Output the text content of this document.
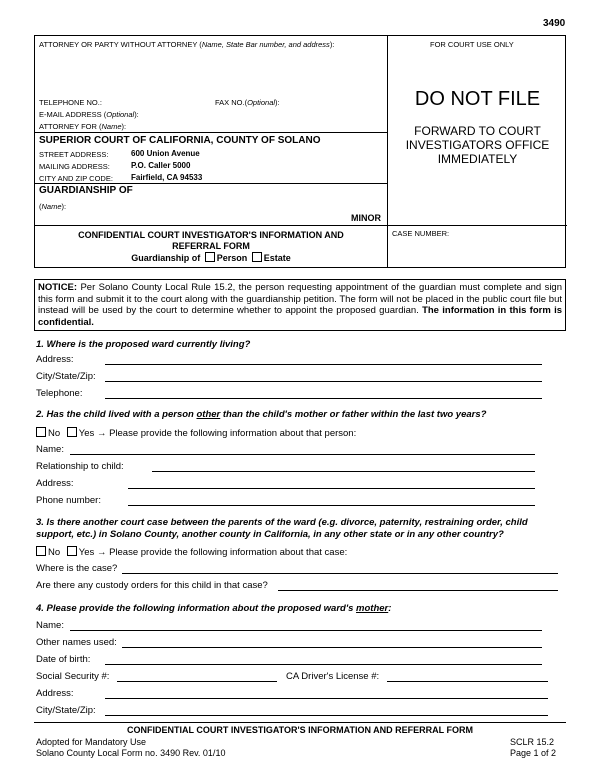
3490
ATTORNEY OR PARTY WITHOUT ATTORNEY (Name, State Bar number, and address):	FOR COURT USE ONLY
TELEPHONE NO.:	FAX NO.(Optional):
E-MAIL ADDRESS (Optional):
ATTORNEY FOR (Name):
DO NOT FILE
FORWARD TO COURT
INVESTIGATORS OFFICE
IMMEDIATELY
SUPERIOR COURT OF CALIFORNIA, COUNTY OF SOLANO
STREET ADDRESS:	600 Union Avenue
MAILING ADDRESS:	P.O. Caller 5000
CITY AND ZIP CODE: Fairfield, CA 94533
GUARDIANSHIP OF
(Name):
MINOR
CONFIDENTIAL COURT INVESTIGATOR'S INFORMATION AND
REFERRAL FORM
Guardianship of Person Estate
CASE NUMBER:
NOTICE: Per Solano County Local Rule 15.2, the person requesting appointment of the guardian must complete and sign this form and submit it to the court along with the guardianship petition. The form will not be placed in the public court file but instead will be used by the court to determine whether to appoint the proposed guardian. The information in this form is confidential.
1. Where is the proposed ward currently living?
Address:
City/State/Zip:
Telephone:
2. Has the child lived with a person other than the child's mother or father within the last two years?
No Yes → Please provide the following information about that person:
Name:
Relationship to child:
Address:
Phone number:
3. Is there another court case between the parents of the ward (e.g. divorce, paternity, restraining order, child
support, etc.) in Solano County, another county in California, in any other state or in any other country?
No Yes → Please provide the following information about that case:
Where is the case?
Are there any custody orders for this child in that case?
4. Please provide the following information about the proposed ward's mother:
Name:
Other names used:
Date of birth:
Social Security #:	CA Driver's License #:
Address:
City/State/Zip:
CONFIDENTIAL COURT INVESTIGATOR'S INFORMATION AND REFERRAL FORM
Adopted for Mandatory Use
Solano County Local Form no. 3490 Rev. 01/10
SCLR 15.2
Page 1 of 2
